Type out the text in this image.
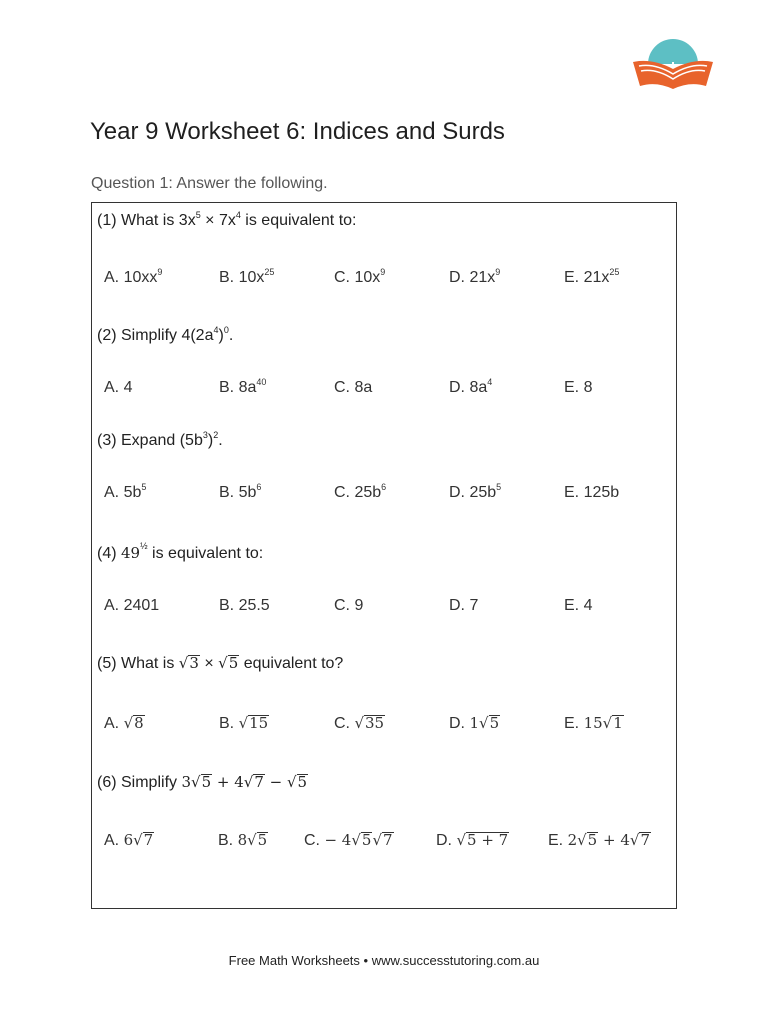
Year 9 Worksheet 6: Indices and Surds
Question 1: Answer the following.
(1) What is $3x^5 \times 7x^4$ is equivalent to:
A. $10xx^9$	B. $10x^{25}$	C. $10x^9$	D. $21x^9$	E. $21x^{25}$
(2) Simplify $4(2a^4)^0$.
A. 4	B. $8a^{40}$	C. 8a	D. $8a^4$	E. 8
(3) Expand $(5b^3)^2$.
A. $5b^5$	B. $5b^6$	C. $25b^6$	D. $25b^5$	E. 125b
(4) $49^{\frac{1}{2}}$ is equivalent to:
A. 2401	B. 25.5	C. 9	D. 7	E. 4
(5) What is √3 × √5 equivalent to?
A. √8	B. √15	C. √35	D. 1√5	E. 15√1
(6) Simplify 3√5 + 4√7 − √5
A. 6√7	B. 8√5 C. − 4√5√7	D. √5 + 7 E. 2√5 + 4√7
Free Math Worksheets • www.successtutoring.com.au
